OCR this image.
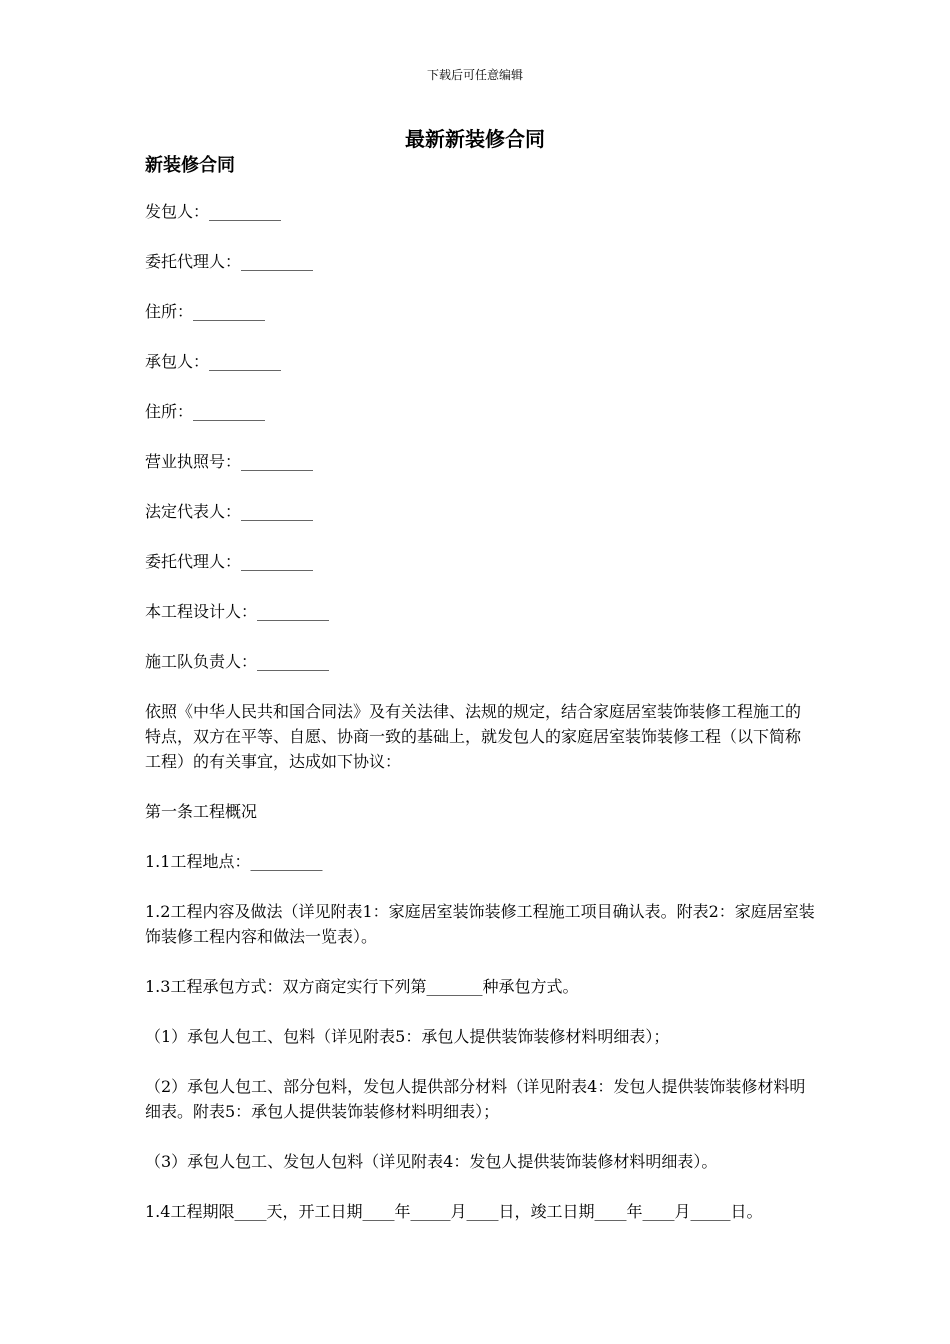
下载后可任意编辑
最新新装修合同
新装修合同

发包人：_________

委托代理人：_________

住所：_________

承包人：_________

住所：_________

营业执照号：_________

法定代表人：_________

委托代理人：_________

本工程设计人：_________

施工队负责人：_________

依照《中华人民共和国合同法》及有关法律、法规的规定，结合家庭居室装饰装修工程施工的特点，双方在平等、自愿、协商一致的基础上，就发包人的家庭居室装饰装修工程（以下简称工程）的有关事宜，达成如下协议：

第一条工程概况

1.1工程地点：_________

1.2工程内容及做法（详见附表1：家庭居室装饰装修工程施工项目确认表。附表2：家庭居室装饰装修工程内容和做法一览表）。

1.3工程承包方式：双方商定实行下列第_______种承包方式。

（1）承包人包工、包料（详见附表5：承包人提供装饰装修材料明细表）；

（2）承包人包工、部分包料，发包人提供部分材料（详见附表4：发包人提供装饰装修材料明细表。附表5：承包人提供装饰装修材料明细表）；

（3）承包人包工、发包人包料（详见附表4：发包人提供装饰装修材料明细表）。

1.4工程期限____天，开工日期____年_____月____日，竣工日期____年____月_____日。
